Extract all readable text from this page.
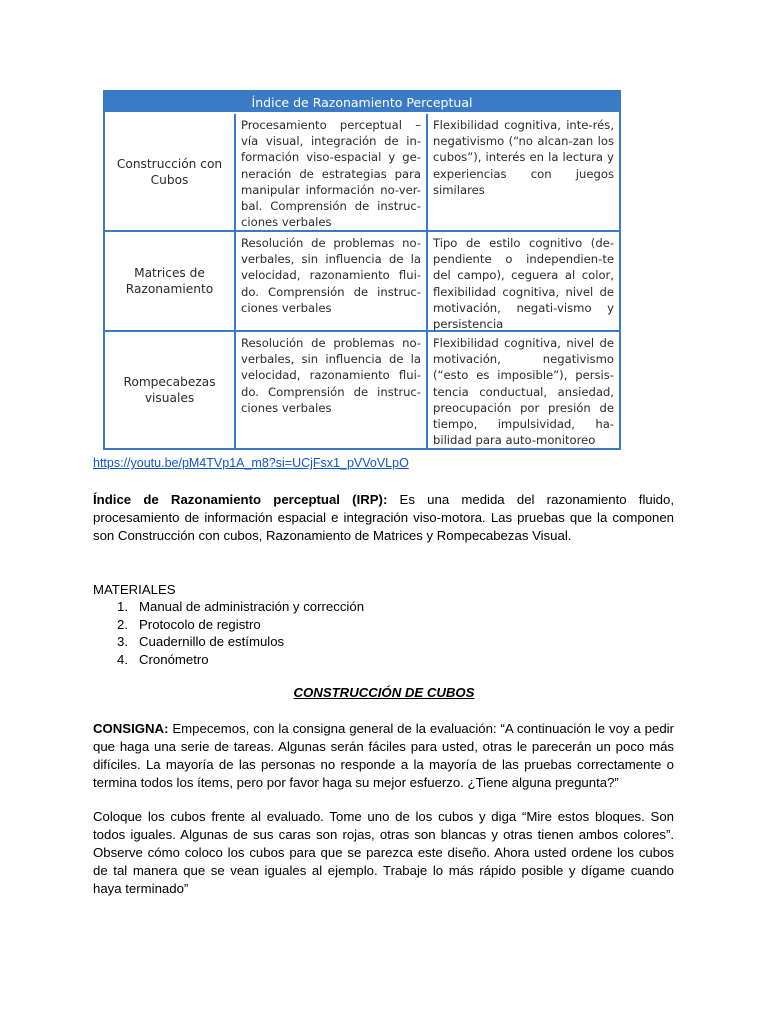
Índice de Razonamiento Perceptual
Construcción con Cubos
Procesamiento perceptual – vía visual, integración de in-formación viso-espacial y ge-neración de estrategias para manipular información no-ver-bal. Comprensión de instruc-ciones verbales
Flexibilidad cognitiva, inte-rés, negativismo (“no alcan-zan los cubos”), interés en la lectura y experiencias con juegos similares
Matrices de Razonamiento
Resolución de problemas no-verbales, sin influencia de la velocidad, razonamiento flui-do. Comprensión de instruc-ciones verbales
Tipo de estilo cognitivo (de-pendiente o independien-te del campo), ceguera al color, flexibilidad cognitiva, nivel de motivación, negati-vismo y persistencia
Rompecabezas visuales
Resolución de problemas no-verbales, sin influencia de la velocidad, razonamiento flui-do. Comprensión de instruc-ciones verbales
Flexibilidad cognitiva, nivel de motivación, negativismo (“esto es imposible”), persis-tencia conductual, ansiedad, preocupación por presión de tiempo, impulsividad, ha-bilidad para auto-monitoreo
https://youtu.be/pM4TVp1A_m8?si=UCjFsx1_pVVoVLpO
Índice de Razonamiento perceptual (IRP): Es una medida del razonamiento fluido, procesamiento de información espacial e integración viso-motora. Las pruebas que la componen son Construcción con cubos, Razonamiento de Matrices y Rompecabezas Visual.
MATERIALES
1. Manual de administración y corrección
2. Protocolo de registro
3. Cuadernillo de estímulos
4. Cronómetro
CONSTRUCCIÓN DE CUBOS
CONSIGNA: Empecemos, con la consigna general de la evaluación: “A continuación le voy a pedir que haga una serie de tareas. Algunas serán fáciles para usted, otras le parecerán un poco más difíciles. La mayoría de las personas no responde a la mayoría de las pruebas correctamente o termina todos los ítems, pero por favor haga su mejor esfuerzo. ¿Tiene alguna pregunta?”
Coloque los cubos frente al evaluado. Tome uno de los cubos y diga “Mire estos bloques. Son todos iguales. Algunas de sus caras son rojas, otras son blancas y otras tienen ambos colores”. Observe cómo coloco los cubos para que se parezca este diseño. Ahora usted ordene los cubos de tal manera que se vean iguales al ejemplo. Trabaje lo más rápido posible y dígame cuando haya terminado”
